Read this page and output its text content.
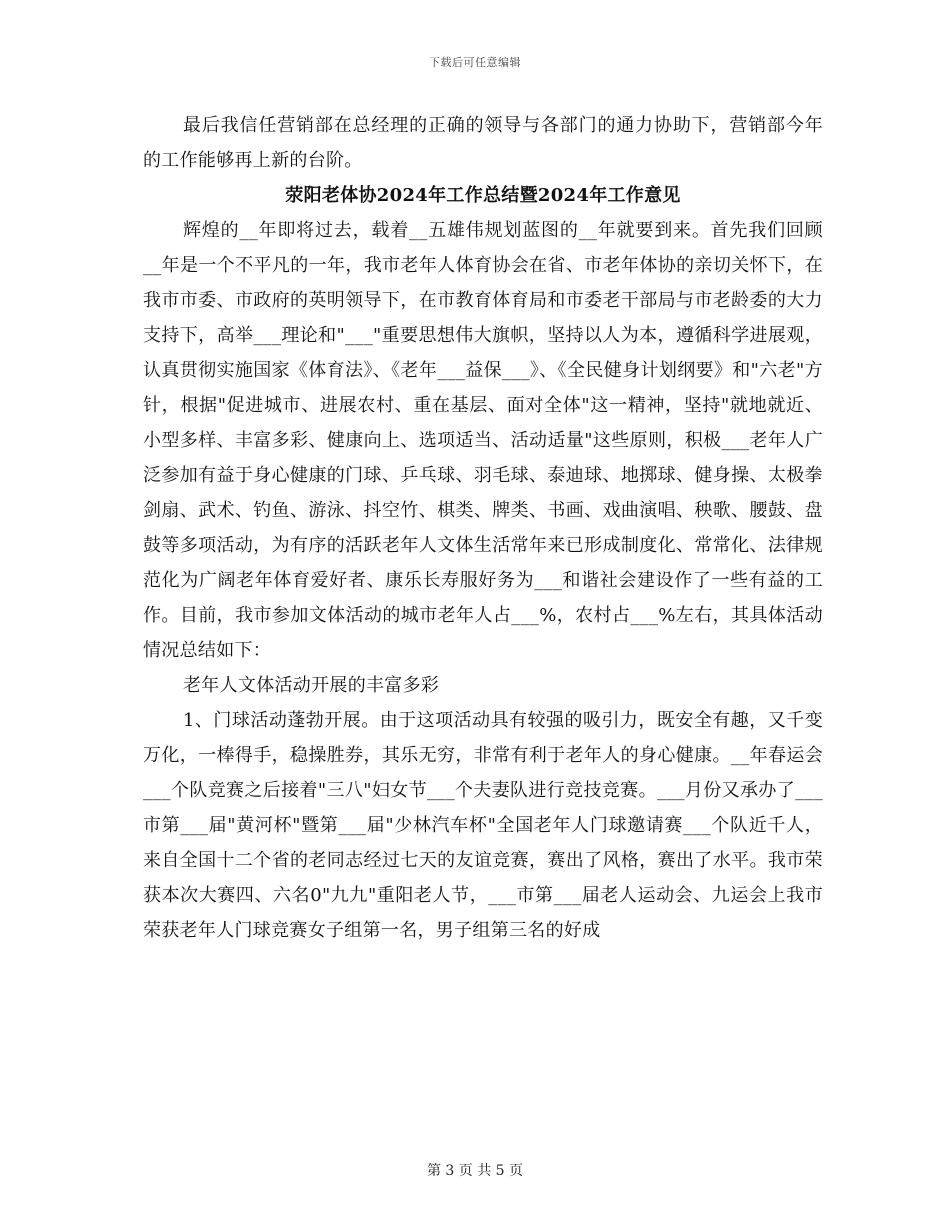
下载后可任意编辑

最后我信任营销部在总经理的正确的领导与各部门的通力协助下，营销部今年的工作能够再上新的台阶。

荥阳老体协2024年工作总结暨2024年工作意见

辉煌的__年即将过去，载着__五雄伟规划蓝图的__年就要到来。首先我们回顾__年是一个不平凡的一年，我市老年人体育协会在省、市老年体协的亲切关怀下，在我市市委、市政府的英明领导下，在市教育体育局和市委老干部局与市老龄委的大力支持下，高举___理论和"___"重要思想伟大旗帜，坚持以人为本，遵循科学进展观，认真贯彻实施国家《体育法》、《老年___益保___》、《全民健身计划纲要》和"六老"方针，根据"促进城市、进展农村、重在基层、面对全体"这一精神，坚持"就地就近、小型多样、丰富多彩、健康向上、选项适当、活动适量"这些原则，积极___老年人广泛参加有益于身心健康的门球、乒乓球、羽毛球、泰迪球、地掷球、健身操、太极拳剑扇、武术、钓鱼、游泳、抖空竹、棋类、牌类、书画、戏曲演唱、秧歌、腰鼓、盘鼓等多项活动，为有序的活跃老年人文体生活常年来已形成制度化、常常化、法律规范化为广阔老年体育爱好者、康乐长寿服好务为___和谐社会建设作了一些有益的工作。目前，我市参加文体活动的城市老年人占___%，农村占___%左右，其具体活动情况总结如下：

老年人文体活动开展的丰富多彩

1、门球活动蓬勃开展。由于这项活动具有较强的吸引力，既安全有趣，又千变万化，一棒得手，稳操胜券，其乐无穷，非常有利于老年人的身心健康。__年春运会___个队竞赛之后接着"三八"妇女节___个夫妻队进行竞技竞赛。___月份又承办了___市第___届"黄河杯"暨第___届"少林汽车杯"全国老年人门球邀请赛___个队近千人，来自全国十二个省的老同志经过七天的友谊竞赛，赛出了风格，赛出了水平。我市荣获本次大赛四、六名0"九九"重阳老人节，___市第___届老人运动会、九运会上我市荣获老年人门球竞赛女子组第一名，男子组第三名的好成

第 3 页 共 5 页
